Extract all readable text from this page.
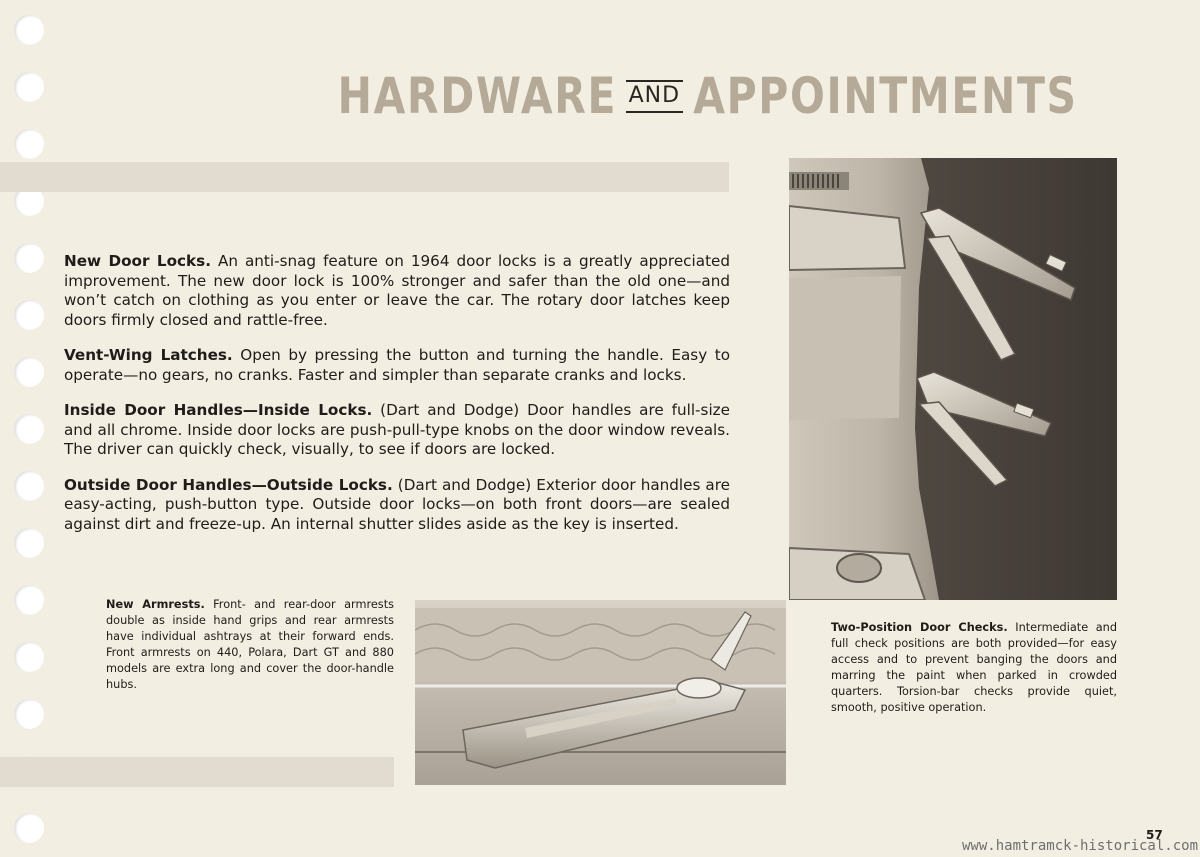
HARDWARE AND APPOINTMENTS

New Door Locks. An anti-snag feature on 1964 door locks is a greatly appreciated improvement. The new door lock is 100% stronger and safer than the old one—and won’t catch on clothing as you enter or leave the car. The rotary door latches keep doors firmly closed and rattle-free.

Vent-Wing Latches. Open by pressing the button and turning the handle. Easy to operate—no gears, no cranks. Faster and simpler than separate cranks and locks.

Inside Door Handles—Inside Locks. (Dart and Dodge) Door handles are full-size and all chrome. Inside door locks are push-pull-type knobs on the door window reveals. The driver can quickly check, visually, to see if doors are locked.

Outside Door Handles—Outside Locks. (Dart and Dodge) Exterior door handles are easy-acting, push-button type. Outside door locks—on both front doors—are sealed against dirt and freeze-up. An internal shutter slides aside as the key is inserted.

New Armrests. Front- and rear-door armrests double as inside hand grips and rear armrests have individual ashtrays at their forward ends. Front armrests on 440, Polara, Dart GT and 880 models are extra long and cover the door-handle hubs.
Two-Position Door Checks. Intermediate and full check positions are both provided—for easy access and to prevent banging the doors and marring the paint when parked in crowded quarters. Torsion-bar checks provide quiet, smooth, positive operation.
57
www.hamtramck-historical.com
